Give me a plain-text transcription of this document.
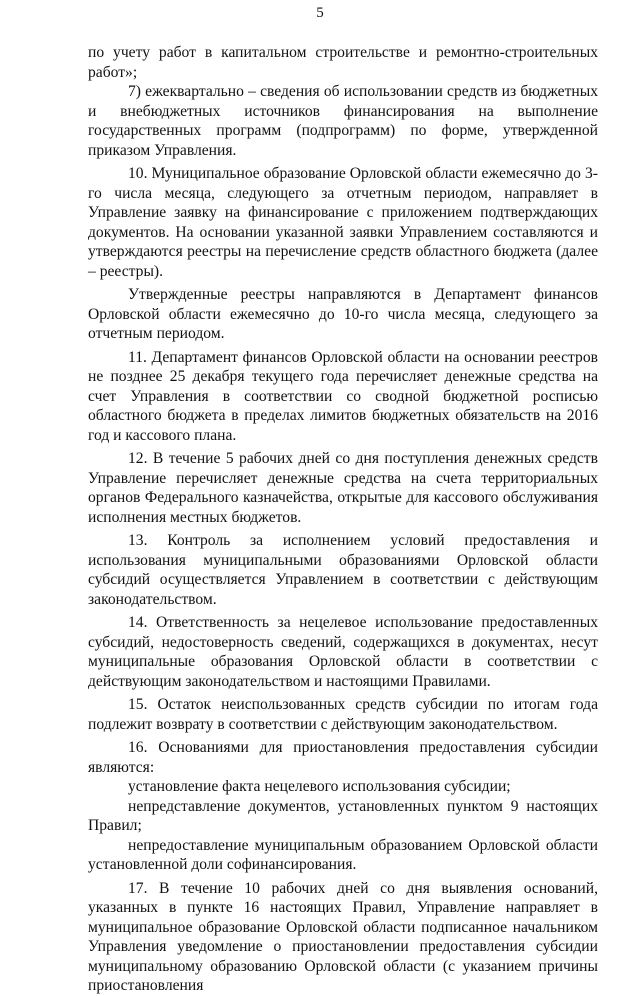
5

по учету работ в капитальном строительстве и ремонтно-строительных работ»;

7) ежеквартально – сведения об использовании средств из бюджетных и внебюджетных источников финансирования на выполнение государственных программ (подпрограмм) по форме, утвержденной приказом Управления.

10. Муниципальное образование Орловской области ежемесячно до 3-го числа месяца, следующего за отчетным периодом, направляет в Управление заявку на финансирование с приложением подтверждающих документов. На основании указанной заявки Управлением составляются и утверждаются реестры на перечисление средств областного бюджета (далее – реестры).

Утвержденные реестры направляются в Департамент финансов Орловской области ежемесячно до 10-го числа месяца, следующего за отчетным периодом.

11. Департамент финансов Орловской области на основании реестров не позднее 25 декабря текущего года перечисляет денежные средства на счет Управления в соответствии со сводной бюджетной росписью областного бюджета в пределах лимитов бюджетных обязательств на 2016 год и кассового плана.

12. В течение 5 рабочих дней со дня поступления денежных средств Управление перечисляет денежные средства на счета территориальных органов Федерального казначейства, открытые для кассового обслуживания исполнения местных бюджетов.

13. Контроль за исполнением условий предоставления и использования муниципальными образованиями Орловской области субсидий осуществляется Управлением в соответствии с действующим законодательством.

14. Ответственность за нецелевое использование предоставленных субсидий, недостоверность сведений, содержащихся в документах, несут муниципальные образования Орловской области в соответствии с действующим законодательством и настоящими Правилами.

15. Остаток неиспользованных средств субсидии по итогам года подлежит возврату в соответствии с действующим законодательством.

16. Основаниями для приостановления предоставления субсидии являются:

установление факта нецелевого использования субсидии;

непредставление документов, установленных пунктом 9 настоящих Правил;

непредоставление муниципальным образованием Орловской области установленной доли софинансирования.

17. В течение 10 рабочих дней со дня выявления оснований, указанных в пункте 16 настоящих Правил, Управление направляет в муниципальное образование Орловской области подписанное начальником Управления уведомление о приостановлении предоставления субсидии муниципальному образованию Орловской области (с указанием причины приостановления
